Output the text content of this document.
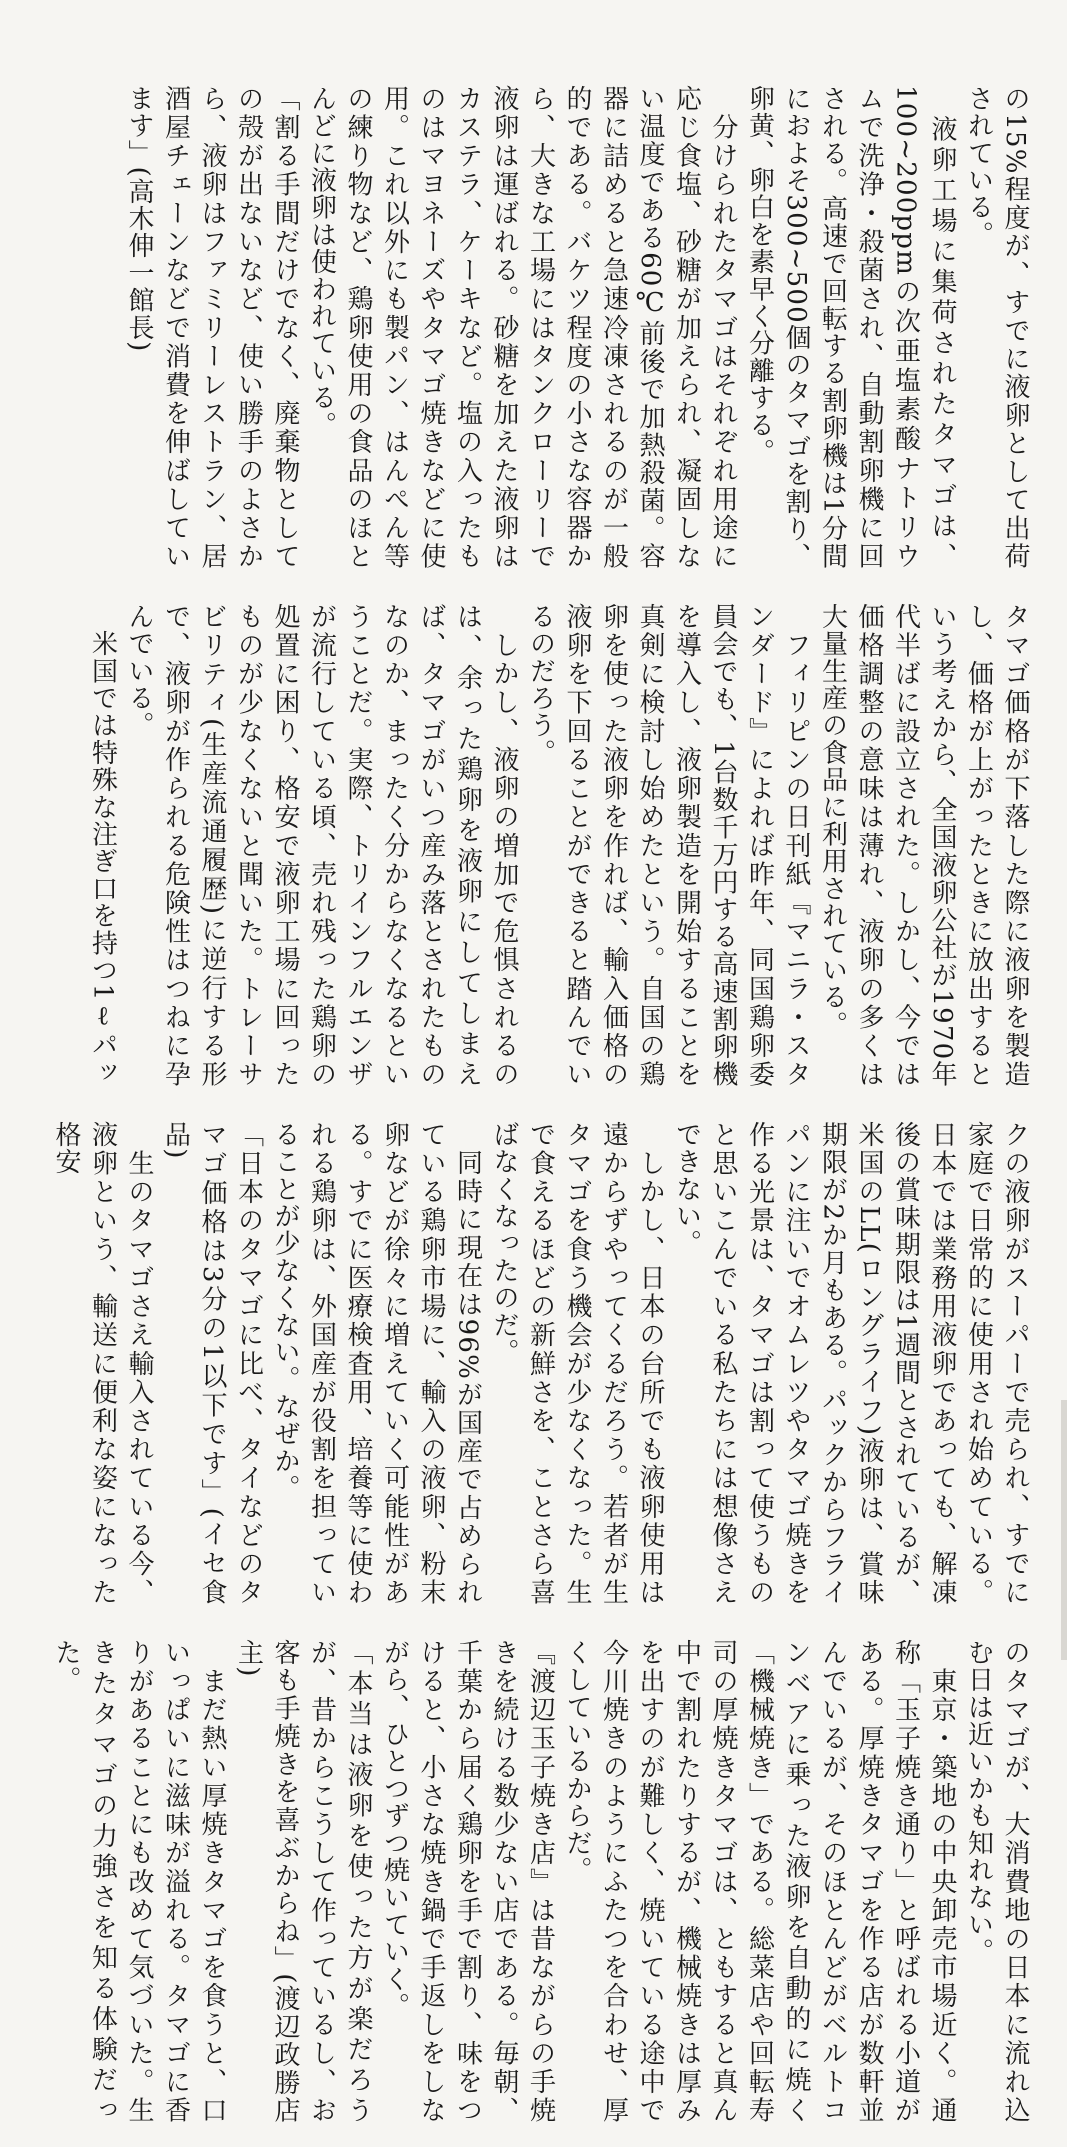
の15%程度が、すでに液卵として出荷されている。
　液卵工場に集荷されたタマゴは、100~200ppmの次亜塩素酸ナトリウムで洗浄・殺菌され、自動割卵機に回される。高速で回転する割卵機は1分間におよそ300~500個のタマゴを割り、卵黄、卵白を素早く分離する。
　分けられたタマゴはそれぞれ用途に応じ食塩、砂糖が加えられ、凝固しない温度である60℃前後で加熱殺菌。容器に詰めると急速冷凍されるのが一般的である。バケツ程度の小さな容器から、大きな工場にはタンクローリーで液卵は運ばれる。砂糖を加えた液卵はカステラ、ケーキなど。塩の入ったものはマヨネーズやタマゴ焼きなどに使用。これ以外にも製パン、はんぺん等の練り物など、鶏卵使用の食品のほとんどに液卵は使われている。
「割る手間だけでなく、廃棄物としての殻が出ないなど、使い勝手のよさから、液卵はファミリーレストラン、居酒屋チェーンなどで消費を伸ばしています」(高木伸一館長)
タマゴ価格が下落した際に液卵を製造し、価格が上がったときに放出するという考えから、全国液卵公社が1970年代半ばに設立された。しかし、今では価格調整の意味は薄れ、液卵の多くは大量生産の食品に利用されている。
　フィリピンの日刊紙『マニラ・スタンダード』によれば昨年、同国鶏卵委員会でも、1台数千万円する高速割卵機を導入し、液卵製造を開始することを真剣に検討し始めたという。自国の鶏卵を使った液卵を作れば、輸入価格の液卵を下回ることができると踏んでいるのだろう。
　しかし、液卵の増加で危惧されるのは、余った鶏卵を液卵にしてしまえば、タマゴがいつ産み落とされたものなのか、まったく分からなくなるということだ。実際、トリインフルエンザが流行している頃、売れ残った鶏卵の処置に困り、格安で液卵工場に回ったものが少なくないと聞いた。トレーサビリティ(生産流通履歴)に逆行する形で、液卵が作られる危険性はつねに孕んでいる。
　米国では特殊な注ぎ口を持つ1ℓパッ
クの液卵がスーパーで売られ、すでに家庭で日常的に使用され始めている。日本では業務用液卵であっても、解凍後の賞味期限は1週間とされているが、米国のLL(ロングライフ)液卵は、賞味期限が2か月もある。パックからフライパンに注いでオムレツやタマゴ焼きを作る光景は、タマゴは割って使うものと思いこんでいる私たちには想像さえできない。
　しかし、日本の台所でも液卵使用は遠からずやってくるだろう。若者が生タマゴを食う機会が少なくなった。生で食えるほどの新鮮さを、ことさら喜ばなくなったのだ。
　同時に現在は96%が国産で占められている鶏卵市場に、輸入の液卵、粉末卵などが徐々に増えていく可能性がある。すでに医療検査用、培養等に使われる鶏卵は、外国産が役割を担っていることが少なくない。なぜか。
「日本のタマゴに比べ、タイなどのタマゴ価格は3分の1以下です」(イセ食品)
　生のタマゴさえ輸入されている今、液卵という、輸送に便利な姿になった格安
のタマゴが、大消費地の日本に流れ込む日は近いかも知れない。
　東京・築地の中央卸売市場近く。通称「玉子焼き通り」と呼ばれる小道がある。厚焼きタマゴを作る店が数軒並んでいるが、そのほとんどがベルトコンベアに乗った液卵を自動的に焼く「機械焼き」である。総菜店や回転寿司の厚焼きタマゴは、ともすると真ん中で割れたりするが、機械焼きは厚みを出すのが難しく、焼いている途中で今川焼きのようにふたつを合わせ、厚くしているからだ。
『渡辺玉子焼き店』は昔ながらの手焼きを続ける数少ない店である。毎朝、千葉から届く鶏卵を手で割り、味をつけると、小さな焼き鍋で手返しをしながら、ひとつずつ焼いていく。
「本当は液卵を使った方が楽だろうが、昔からこうして作っているし、お客も手焼きを喜ぶからね」(渡辺政勝店主)
　まだ熱い厚焼きタマゴを食うと、口いっぱいに滋味が溢れる。タマゴに香りがあることにも改めて気づいた。生きたタマゴの力強さを知る体験だった。
